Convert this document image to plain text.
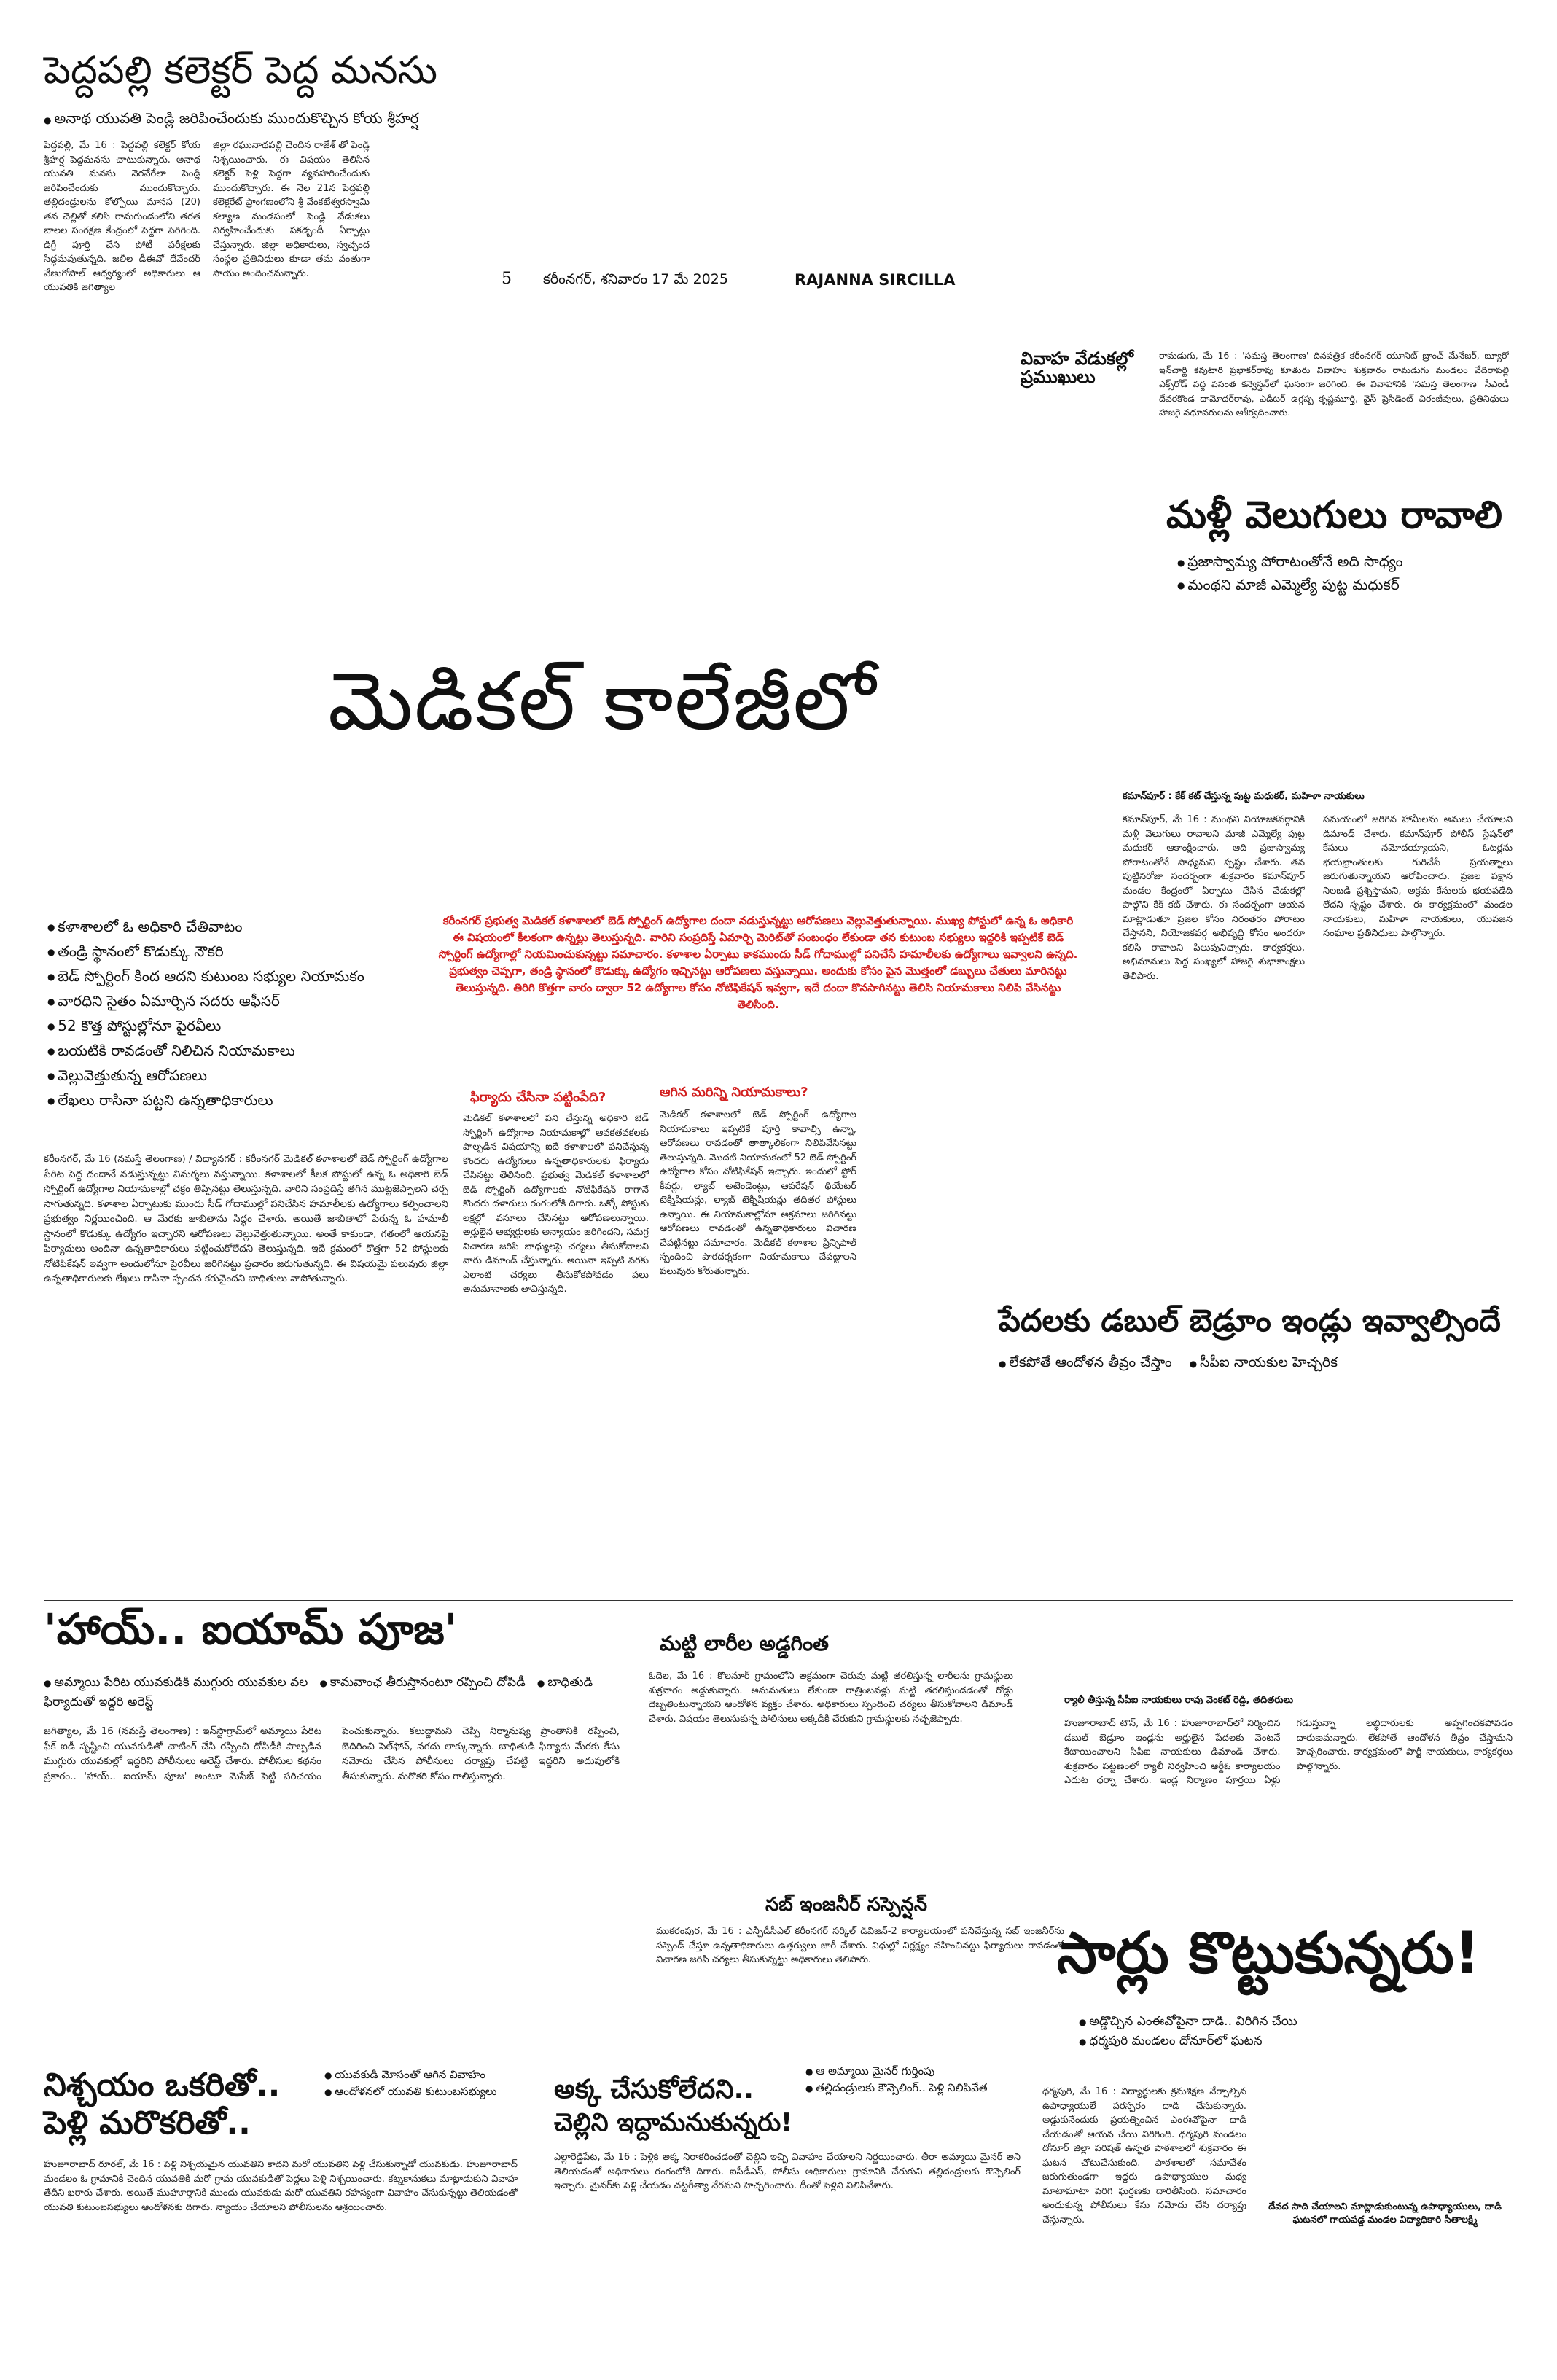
పెద్దపల్లి కలెక్టర్ పెద్ద మనసు
● అనాథ యువతి పెండ్లి జరిపించేందుకు ముందుకొచ్చిన కోయ శ్రీహర్ష
పెద్దపల్లి, మే 16 : పెద్దపల్లి కలెక్టర్ కోయ శ్రీహర్ష పెద్దమనసు చాటుకున్నారు. అనాథ యువతి మనసు నెరవేరేలా పెండ్లి జరిపించేందుకు ముందుకొచ్చారు. తల్లిదండ్రులను కోల్పోయి మానస (20) తన చెల్లితో కలిసి రామగుండంలోని తరత బాలల సంరక్షణ కేంద్రంలో పెద్దగా పెరిగింది. డిగ్రీ పూర్తి చేసి పోటీ పరీక్షలకు సిద్ధమవుతున్నది. జలీల డీఈవో దేవేందర్ వేణుగోపాల్ ఆధ్వర్యంలో అధికారులు ఆ యువతికి జగిత్యాల
జిల్లా రఘునాథపల్లి చెందిన రాజేశ్ తో పెండ్లి నిశ్చయించారు. ఈ విషయం తెలిసిన కలెక్టర్ పెళ్లి పెద్దగా వ్యవహరించేందుకు ముందుకొచ్చారు. ఈ నెల 21న పెద్దపల్లి కలెక్టరేట్ ప్రాంగణంలోని శ్రీ వేంకటేశ్వరస్వామి కల్యాణ మండపంలో పెండ్లి వేడుకలు నిర్వహించేందుకు పకడ్బందీ ఏర్పాట్లు చేస్తున్నారు. జిల్లా అధికారులు, స్వచ్ఛంద సంస్థల ప్రతినిధులు కూడా తమ వంతుగా సాయం అందించనున్నారు.	5 కరీంనగర్, శనివారం 17 మే 2025	RAJANNA SIRCILLA
వివాహ వేడుకల్లో ప్రముఖులు
రామడుగు, మే 16 : 'సమస్త తెలంగాణ' దినపత్రిక కరీంనగర్ యూనిట్ బ్రాంచ్ మేనేజర్, బ్యూరో ఇన్‌చార్జి కవుటారి ప్రభాకర్‌రావు కూతురు వివాహం శుక్రవారం రామడుగు మండలం వేదిరాపల్లి ఎక్స్‌రోడ్ వద్ద వసంత కన్వెన్షన్‌లో ఘనంగా జరిగింది. ఈ వివాహానికి 'సమస్త తెలంగాణ' సీఎండీ దేవరకొండ దామోదర్‌రావు, ఎడిటర్ ఉగ్గప్ప కృష్ణమూర్తి, వైస్ ప్రెసిడెంట్ చిరంజీవులు, ప్రతినిధులు హాజరై వధూవరులను ఆశీర్వదించారు.
మళ్లీ వెలుగులు రావాలి
● ప్రజాస్వామ్య పోరాటంతోనే అది సాధ్యం
● మంథని మాజీ ఎమ్మెల్యే పుట్ట మధుకర్
కమాన్‌పూర్ : కేక్ కట్ చేస్తున్న పుట్ట మధుకర్, మహిళా నాయకులు
కమాన్‌పూర్, మే 16 : మంథని నియోజకవర్గానికి మళ్లీ వెలుగులు రావాలని మాజీ ఎమ్మెల్యే పుట్ట మధుకర్ ఆకాంక్షించారు. ఆది ప్రజాస్వామ్య పోరాటంతోనే సాధ్యమని స్పష్టం చేశారు. తన పుట్టినరోజు సందర్భంగా శుక్రవారం కమాన్‌పూర్ మండల కేంద్రంలో ఏర్పాటు చేసిన వేడుకల్లో పాల్గొని కేక్ కట్ చేశారు. ఈ సందర్భంగా ఆయన మాట్లాడుతూ ప్రజల కోసం నిరంతరం పోరాటం చేస్తానని, నియోజకవర్గ అభివృద్ధి కోసం అందరూ కలిసి రావాలని పిలుపునిచ్చారు. కార్యకర్తలు, అభిమానులు పెద్ద సంఖ్యలో హాజరై శుభాకాంక్షలు తెలిపారు.
సమయంలో జరిగిన హామీలను అమలు చేయాలని డిమాండ్ చేశారు. కమాన్‌పూర్ పోలీస్ స్టేషన్‌లో కేసులు నమోదయ్యాయని, ఓటర్లను భయభ్రాంతులకు గురిచేసే ప్రయత్నాలు జరుగుతున్నాయని ఆరోపించారు. ప్రజల పక్షాన నిలబడి ప్రశ్నిస్తామని, అక్రమ కేసులకు భయపడేది లేదని స్పష్టం చేశారు. ఈ కార్యక్రమంలో మండల నాయకులు, మహిళా నాయకులు, యువజన సంఘాల ప్రతినిధులు పాల్గొన్నారు.
మెడికల్ కాలేజీలో
● కళాశాలలో ఓ అధికారి చేతివాటం
● తండ్రి స్థానంలో కొడుక్కు నౌకరి
● బెడ్ స్పోర్టింగ్ కింద ఆదని కుటుంబ సభ్యుల నియామకం
● వారధిని సైతం ఏమార్చిన సదరు ఆఫీసర్
● 52 కొత్త పోస్టుల్లోనూ పైరవీలు
● బయటికి రావడంతో నిలిచిన నియామకాలు
● వెల్లువెత్తుతున్న ఆరోపణలు
● లేఖలు రాసినా పట్టని ఉన్నతాధికారులు
కరీంనగర్ ప్రభుత్వ మెడికల్ కళాశాలలో బెడ్ స్పోర్టింగ్ ఉద్యోగాల దందా నడుస్తున్నట్టు ఆరోపణలు వెల్లువెత్తుతున్నాయి. ముఖ్య పోస్టులో ఉన్న ఓ అధికారి ఈ విషయంలో కీలకంగా ఉన్నట్లు తెలుస్తున్నది. వారిని సంప్రదిస్తే ఏమార్చి మెరిట్‌తో సంబంధం లేకుండా తన కుటుంబ సభ్యులు ఇద్దరికి ఇప్పటికే బెడ్ స్పోర్టింగ్ ఉద్యోగాల్లో నియమించుకున్నట్టు సమాచారం. కళాశాల ఏర్పాటు కాకముందు సీడ్ గోదాముల్లో పనిచేసే హమాలీలకు ఉద్యోగాలు ఇవ్వాలని ఉన్నది. ప్రభుత్వం చెప్పగా, తండ్రి స్థానంలో కొడుక్కు ఉద్యోగం ఇచ్చినట్టు ఆరోపణలు వస్తున్నాయి. అందుకు కోసం పైన మొత్తంలో డబ్బులు చేతులు మారినట్టు తెలుస్తున్నది. తిరిగి కొత్తగా వారం ద్వారా 52 ఉద్యోగాల కోసం నోటిఫికేషన్ ఇవ్వగా, ఇదే దందా కొనసాగినట్టు తెలిసి నియామకాలు నిలిపి వేసినట్టు తెలిసింది.
ఫిర్యాదు చేసినా పట్టింపేది?	ఆగిన మరిన్ని నియామకాలు?
కరీంనగర్, మే 16 (నమస్తే తెలంగాణ) / విద్యానగర్ : కరీంనగర్ మెడికల్ కళాశాలలో బెడ్ స్పోర్టింగ్ ఉద్యోగాల పేరిట పెద్ద దందానే నడుస్తున్నట్టు విమర్శలు వస్తున్నాయి. కళాశాలలో కీలక పోస్టులో ఉన్న ఓ అధికారి బెడ్ స్పోర్టింగ్ ఉద్యోగాల నియామకాల్లో చక్రం తిప్పినట్టు తెలుస్తున్నది. వారిని సంప్రదిస్తే తగిన ముట్టజెప్పాలని చర్చ సాగుతున్నది. కళాశాల ఏర్పాటుకు ముందు సీడ్ గోదాముల్లో పనిచేసిన హమాలీలకు ఉద్యోగాలు కల్పించాలని ప్రభుత్వం నిర్ణయించింది. ఆ మేరకు జాబితాను సిద్ధం చేశారు. అయితే జాబితాలో పేరున్న ఓ హమాలీ స్థానంలో కొడుక్కు ఉద్యోగం ఇచ్చారని ఆరోపణలు వెల్లువెత్తుతున్నాయి. అంతే కాకుండా, గతంలో ఆయనపై ఫిర్యాదులు అందినా ఉన్నతాధికారులు పట్టించుకోలేదని తెలుస్తున్నది. ఇదే క్రమంలో కొత్తగా 52 పోస్టులకు నోటిఫికేషన్ ఇవ్వగా అందులోనూ పైరవీలు జరిగినట్టు ప్రచారం జరుగుతున్నది. ఈ విషయమై పలువురు జిల్లా ఉన్నతాధికారులకు లేఖలు రాసినా స్పందన కరువైందని బాధితులు వాపోతున్నారు.
మెడికల్ కళాశాలలో పని చేస్తున్న అధికారి బెడ్ స్పోర్టింగ్ ఉద్యోగాల నియామకాల్లో ఆవకతవకలకు పాల్పడిన విషయాన్ని ఐదే కళాశాలలో పనిచేస్తున్న కొందరు ఉద్యోగులు ఉన్నతాధికారులకు ఫిర్యాదు చేసినట్టు తెలిసింది. ప్రభుత్వ మెడికల్ కళాశాలలో బెడ్ స్పోర్టింగ్ ఉద్యోగాలకు నోటిఫికేషన్ రాగానే కొందరు దళారులు రంగంలోకి దిగారు. ఒక్కో పోస్టుకు లక్షల్లో వసూలు చేసినట్టు ఆరోపణలున్నాయి. అర్హులైన అభ్యర్థులకు అన్యాయం జరిగిందని, సమగ్ర విచారణ జరిపి బాధ్యులపై చర్యలు తీసుకోవాలని వారు డిమాండ్ చేస్తున్నారు. అయినా ఇప్పటి వరకు ఎలాంటి చర్యలు తీసుకోకపోవడం పలు అనుమానాలకు తావిస్తున్నది.
మెడికల్ కళాశాలలో బెడ్ స్పోర్టింగ్ ఉద్యోగాల నియామకాలు ఇప్పటికే పూర్తి కావాల్సి ఉన్నా, ఆరోపణలు రావడంతో తాత్కాలికంగా నిలిపివేసినట్టు తెలుస్తున్నది. మొదటి నియామకంలో 52 బెడ్ స్పోర్టింగ్ ఉద్యోగాల కోసం నోటిఫికేషన్ ఇచ్చారు. ఇందులో స్టోర్ కీపర్లు, ల్యాబ్ అటెండెంట్లు, ఆపరేషన్ థియేటర్ టెక్నీషియన్లు, ల్యాబ్ టెక్నీషియన్లు తదితర పోస్టులు ఉన్నాయి. ఈ నియామకాల్లోనూ అక్రమాలు జరిగినట్టు ఆరోపణలు రావడంతో ఉన్నతాధికారులు విచారణ చేపట్టినట్టు సమాచారం. మెడికల్ కళాశాల ప్రిన్సిపాల్ స్పందించి పారదర్శకంగా నియామకాలు చేపట్టాలని పలువురు కోరుతున్నారు.
పేదలకు డబుల్ బెడ్రూం ఇండ్లు ఇవ్వాల్సిందే
● లేకపోతే ఆందోళన తీవ్రం చేస్తాం ● సీపీఐ నాయకుల హెచ్చరిక
'హాయ్.. ఐయామ్ పూజ'
● అమ్మాయి పేరిట యువకుడికి ముగ్గురు యువకుల వల ● కామవాంఛ తీరుస్తానంటూ రప్పించి దోపిడీ ● బాధితుడి ఫిర్యాదుతో ఇద్దరి అరెస్ట్
జగిత్యాల, మే 16 (నమస్తే తెలంగాణ) : ఇన్‌స్టాగ్రామ్‌లో అమ్మాయి పేరిట ఫేక్ ఐడీ సృష్టించి యువకుడితో చాటింగ్ చేసి రప్పించి దోపిడీకి పాల్పడిన ముగ్గురు యువకుల్లో ఇద్దరిని పోలీసులు అరెస్ట్ చేశారు. పోలీసుల కథనం ప్రకారం.. 'హాయ్.. ఐయామ్ పూజ' అంటూ మెసేజ్ పెట్టి పరిచయం పెంచుకున్నారు. కలుద్దామని చెప్పి నిర్మానుష్య ప్రాంతానికి రప్పించి, బెదిరించి సెల్‌ఫోన్, నగదు లాక్కున్నారు. బాధితుడి ఫిర్యాదు మేరకు కేసు నమోదు చేసిన పోలీసులు దర్యాప్తు చేపట్టి ఇద్దరిని అదుపులోకి తీసుకున్నారు. మరొకరి కోసం గాలిస్తున్నారు.
మట్టి లారీల అడ్డగింత
ఓదెల, మే 16 : కొలనూర్ గ్రామంలోని అక్రమంగా చెరువు మట్టి తరలిస్తున్న లారీలను గ్రామస్థులు శుక్రవారం అడ్డుకున్నారు. అనుమతులు లేకుండా రాత్రింబవళ్లు మట్టి తరలిస్తుండడంతో రోడ్లు దెబ్బతింటున్నాయని ఆందోళన వ్యక్తం చేశారు. అధికారులు స్పందించి చర్యలు తీసుకోవాలని డిమాండ్ చేశారు. విషయం తెలుసుకున్న పోలీసులు అక్కడికి చేరుకుని గ్రామస్థులకు నచ్చజెప్పారు.
ర్యాలీ తీస్తున్న సీపీఐ నాయకులు రావు వెంకట్ రెడ్డి, తదితరులు
హుజూరాబాద్ టౌన్, మే 16 : హుజూరాబాద్‌లో నిర్మించిన డబుల్ బెడ్రూం ఇండ్లను అర్హులైన పేదలకు వెంటనే కేటాయించాలని సీపీఐ నాయకులు డిమాండ్ చేశారు. శుక్రవారం పట్టణంలో ర్యాలీ నిర్వహించి ఆర్డీఓ కార్యాలయం ఎదుట ధర్నా చేశారు. ఇండ్ల నిర్మాణం పూర్తయి ఏళ్లు గడుస్తున్నా లబ్ధిదారులకు అప్పగించకపోవడం దారుణమన్నారు. లేకపోతే ఆందోళన తీవ్రం చేస్తామని హెచ్చరించారు. కార్యక్రమంలో పార్టీ నాయకులు, కార్యకర్తలు పాల్గొన్నారు.
సబ్ ఇంజనీర్ సస్పెన్షన్
ముకరంపుర, మే 16 : ఎన్పీడీసీఎల్ కరీంనగర్ సర్కిల్ డివిజన్-2 కార్యాలయంలో పనిచేస్తున్న సబ్ ఇంజనీర్‌ను సస్పెండ్ చేస్తూ ఉన్నతాధికారులు ఉత్తర్వులు జారీ చేశారు. విధుల్లో నిర్లక్ష్యం వహించినట్టు ఫిర్యాదులు రావడంతో విచారణ జరిపి చర్యలు తీసుకున్నట్టు అధికారులు తెలిపారు.	సార్లు కొట్టుకున్నరు!
● అడ్డొచ్చిన ఎంఈవోపైనా దాడి.. విరిగిన చేయి
● ధర్మపురి మండలం దోనూర్‌లో ఘటన
ధర్మపురి, మే 16 : విద్యార్థులకు క్రమశిక్షణ నేర్పాల్సిన ఉపాధ్యాయులే పరస్పరం దాడి చేసుకున్నారు. అడ్డుకునేందుకు ప్రయత్నించిన ఎంఈవోపైనా దాడి చేయడంతో ఆయన చేయి విరిగింది. ధర్మపురి మండలం దోనూర్ జిల్లా పరిషత్ ఉన్నత పాఠశాలలో శుక్రవారం ఈ ఘటన చోటుచేసుకుంది. పాఠశాలలో సమావేశం జరుగుతుండగా ఇద్దరు ఉపాధ్యాయుల మధ్య మాటామాటా పెరిగి ఘర్షణకు దారితీసింది. సమాచారం అందుకున్న పోలీసులు కేసు నమోదు చేసి దర్యాప్తు చేస్తున్నారు.
దేవద సాది చేయాలని మాట్లాడుకుంటున్న ఉపాధ్యాయులు, దాడి ఘటనలో గాయపడ్డ మండల విద్యాధికారి సీతాలక్ష్మి
నిశ్చయం ఒకరితో..
పెళ్లి మరొకరితో..
● యువకుడి మోసంతో ఆగిన వివాహం
● ఆందోళనలో యువతి కుటుంబసభ్యులు
హుజూరాబాద్ రూరల్, మే 16 : పెళ్లి నిశ్చయమైన యువతిని కాదని మరో యువతిని పెళ్లి చేసుకున్నాడో యువకుడు. హుజూరాబాద్ మండలం ఓ గ్రామానికి చెందిన యువతికి మరో గ్రామ యువకుడితో పెద్దలు పెళ్లి నిశ్చయించారు. కట్నకానుకలు మాట్లాడుకుని వివాహ తేదీని ఖరారు చేశారు. అయితే ముహూర్తానికి ముందు యువకుడు మరో యువతిని రహస్యంగా వివాహం చేసుకున్నట్టు తెలియడంతో యువతి కుటుంబసభ్యులు ఆందోళనకు దిగారు. న్యాయం చేయాలని పోలీసులను ఆశ్రయించారు.
అక్క చేసుకోలేదని..
చెల్లిని ఇద్దామనుకున్నరు!
● ఆ అమ్మాయి మైనర్ గుర్తింపు
● తల్లిదండ్రులకు కౌన్సెలింగ్.. పెళ్లి నిలిపివేత
ఎల్లారెడ్డిపేట, మే 16 : పెళ్లికి అక్క నిరాకరించడంతో చెల్లిని ఇచ్చి వివాహం చేయాలని నిర్ణయించారు. తీరా అమ్మాయి మైనర్ అని తెలియడంతో అధికారులు రంగంలోకి దిగారు. ఐసీడీఎస్, పోలీసు అధికారులు గ్రామానికి చేరుకుని తల్లిదండ్రులకు కౌన్సెలింగ్ ఇచ్చారు. మైనర్‌కు పెళ్లి చేయడం చట్టరీత్యా నేరమని హెచ్చరించారు. దీంతో పెళ్లిని నిలిపివేశారు.
